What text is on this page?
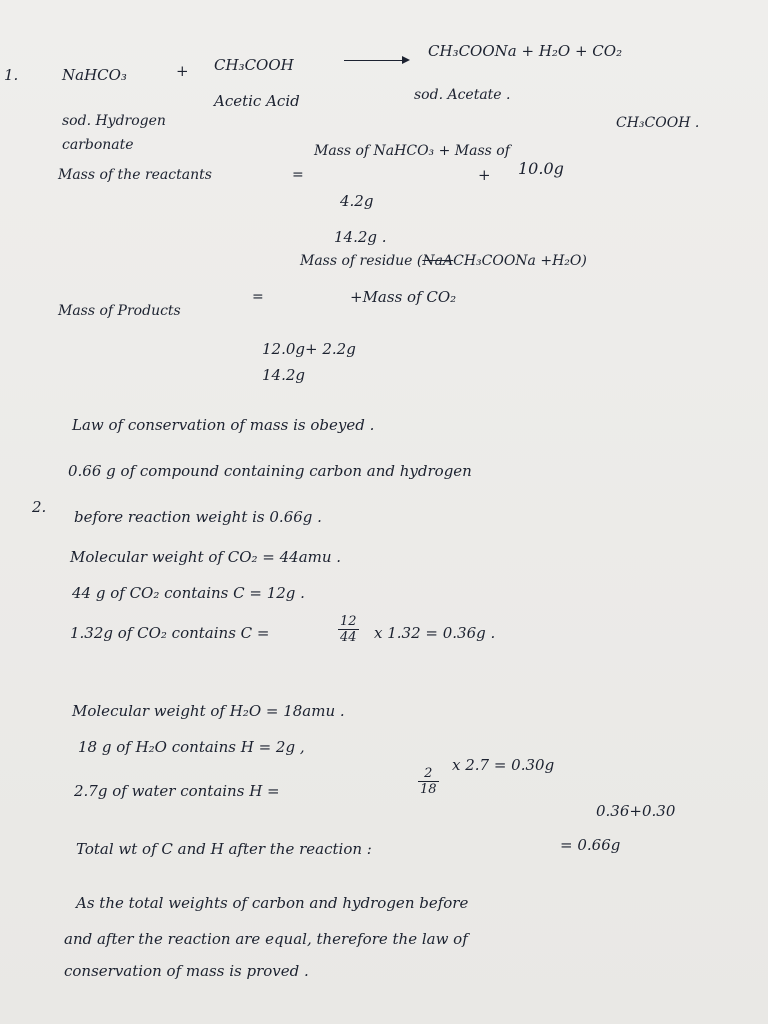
1.	NaHCO₃	+ CH₃COOH
CH₃COONa + H₂O + CO₂
sod. Hydrogen
carbonate
Acetic Acid	sod. Acetate .
Mass of the reactants	=
Mass of NaHCO₃ + Mass of
CH₃COOH .
4.2g
+ 10.0g
14.2g .
Mass of Products
=
Mass of residue (NaACH₃COONa +H₂O)
+Mass of CO₂
12.0g+ 2.2g
14.2g
Law of conservation of mass is obeyed .
2.
0.66 g of compound containing carbon and hydrogen
before reaction weight is 0.66g .
Molecular weight of CO₂ = 44amu .
44 g of CO₂ contains C = 12g .
1.32g of CO₂ contains C =	$\frac{12}{44}$ x 1.32 = 0.36g .
Molecular weight of H₂O = 18amu .
18 g of H₂O contains H = 2g ,
2.7g of water contains H =	$\frac{2}{18}$
x 2.7 = 0.30g
Total wt of C and H after the reaction :
0.36+0.30
= 0.66g
As the total weights of carbon and hydrogen before
and after the reaction are equal, therefore the law of
conservation of mass is proved .
